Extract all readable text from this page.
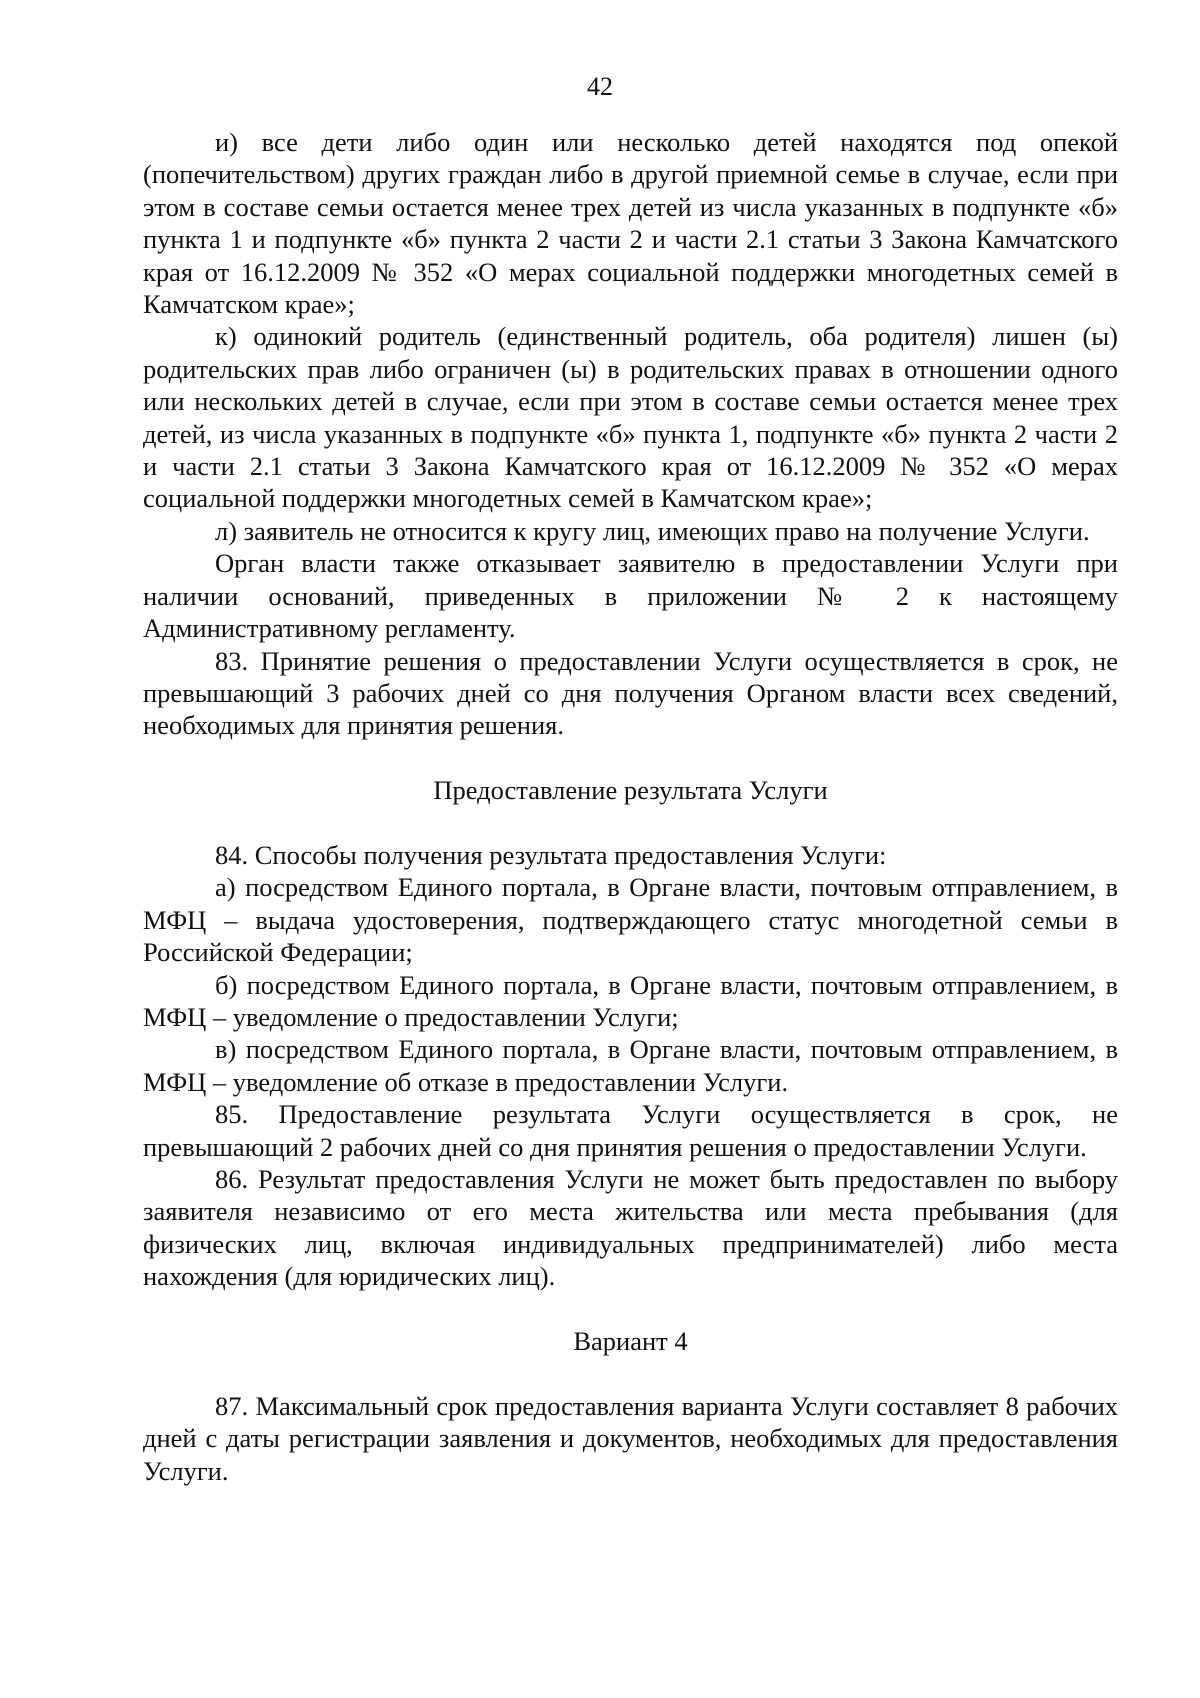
42

и) все дети либо один или несколько детей находятся под опекой (попечительством) других граждан либо в другой приемной семье в случае, если при этом в составе семьи остается менее трех детей из числа указанных в подпункте «б» пункта 1 и подпункте «б» пункта 2 части 2 и части 2.1 статьи 3 Закона Камчатского края от 16.12.2009 № 352 «О мерах социальной поддержки многодетных семей в Камчатском крае»;

к) одинокий родитель (единственный родитель, оба родителя) лишен (ы) родительских прав либо ограничен (ы) в родительских правах в отношении одного или нескольких детей в случае, если при этом в составе семьи остается менее трех детей, из числа указанных в подпункте «б» пункта 1, подпункте «б» пункта 2 части 2 и части 2.1 статьи 3 Закона Камчатского края от 16.12.2009 № 352 «О мерах социальной поддержки многодетных семей в Камчатском крае»;

л) заявитель не относится к кругу лиц, имеющих право на получение Услуги.

Орган власти также отказывает заявителю в предоставлении Услуги при наличии оснований, приведенных в приложении № 2 к настоящему Административному регламенту.

83. Принятие решения о предоставлении Услуги осуществляется в срок, не превышающий 3 рабочих дней со дня получения Органом власти всех сведений, необходимых для принятия решения.

Предоставление результата Услуги

84. Способы получения результата предоставления Услуги:

а) посредством Единого портала, в Органе власти, почтовым отправлением, в МФЦ – выдача удостоверения, подтверждающего статус многодетной семьи в Российской Федерации;

б) посредством Единого портала, в Органе власти, почтовым отправлением, в МФЦ – уведомление о предоставлении Услуги;

в) посредством Единого портала, в Органе власти, почтовым отправлением, в МФЦ – уведомление об отказе в предоставлении Услуги.

85. Предоставление результата Услуги осуществляется в срок, не превышающий 2 рабочих дней со дня принятия решения о предоставлении Услуги.

86. Результат предоставления Услуги не может быть предоставлен по выбору заявителя независимо от его места жительства или места пребывания (для физических лиц, включая индивидуальных предпринимателей) либо места нахождения (для юридических лиц).

Вариант 4

87. Максимальный срок предоставления варианта Услуги составляет 8 рабочих дней с даты регистрации заявления и документов, необходимых для предоставления Услуги.
